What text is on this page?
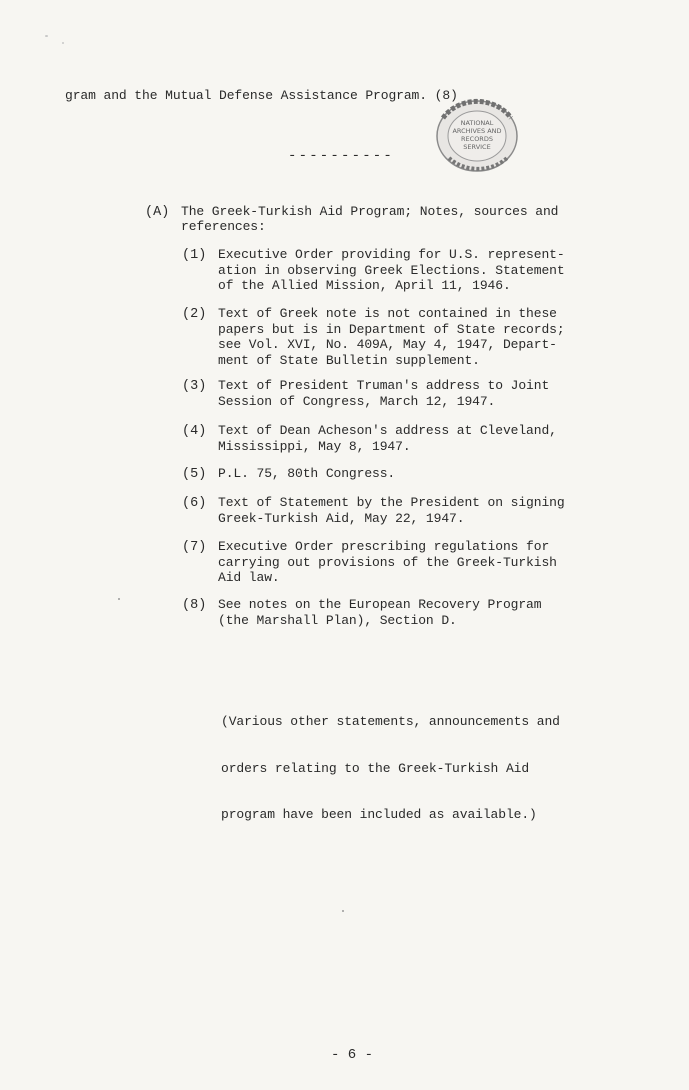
gram and the Mutual Defense Assistance Program. (8)
NATIONAL
ARCHIVES AND
RECORDS
SERVICE
----------
(A) The Greek-Turkish Aid Program; Notes, sources and
references:
(1) Executive Order providing for U.S. represent-
ation in observing Greek Elections. Statement
of the Allied Mission, April 11, 1946.
(2) Text of Greek note is not contained in these
papers but is in Department of State records;
see Vol. XVI, No. 409A, May 4, 1947, Depart-
ment of State Bulletin supplement.
(3) Text of President Truman's address to Joint
Session of Congress, March 12, 1947.
(4) Text of Dean Acheson's address at Cleveland,
Mississippi, May 8, 1947.
(5) P.L. 75, 80th Congress.
(6) Text of Statement by the President on signing
Greek-Turkish Aid, May 22, 1947.
(7) Executive Order prescribing regulations for
carrying out provisions of the Greek-Turkish
Aid law.
(8) See notes on the European Recovery Program
(the Marshall Plan), Section D.

(Various other statements, announcements and

orders relating to the Greek-Turkish Aid

program have been included as available.)

- 6 -
